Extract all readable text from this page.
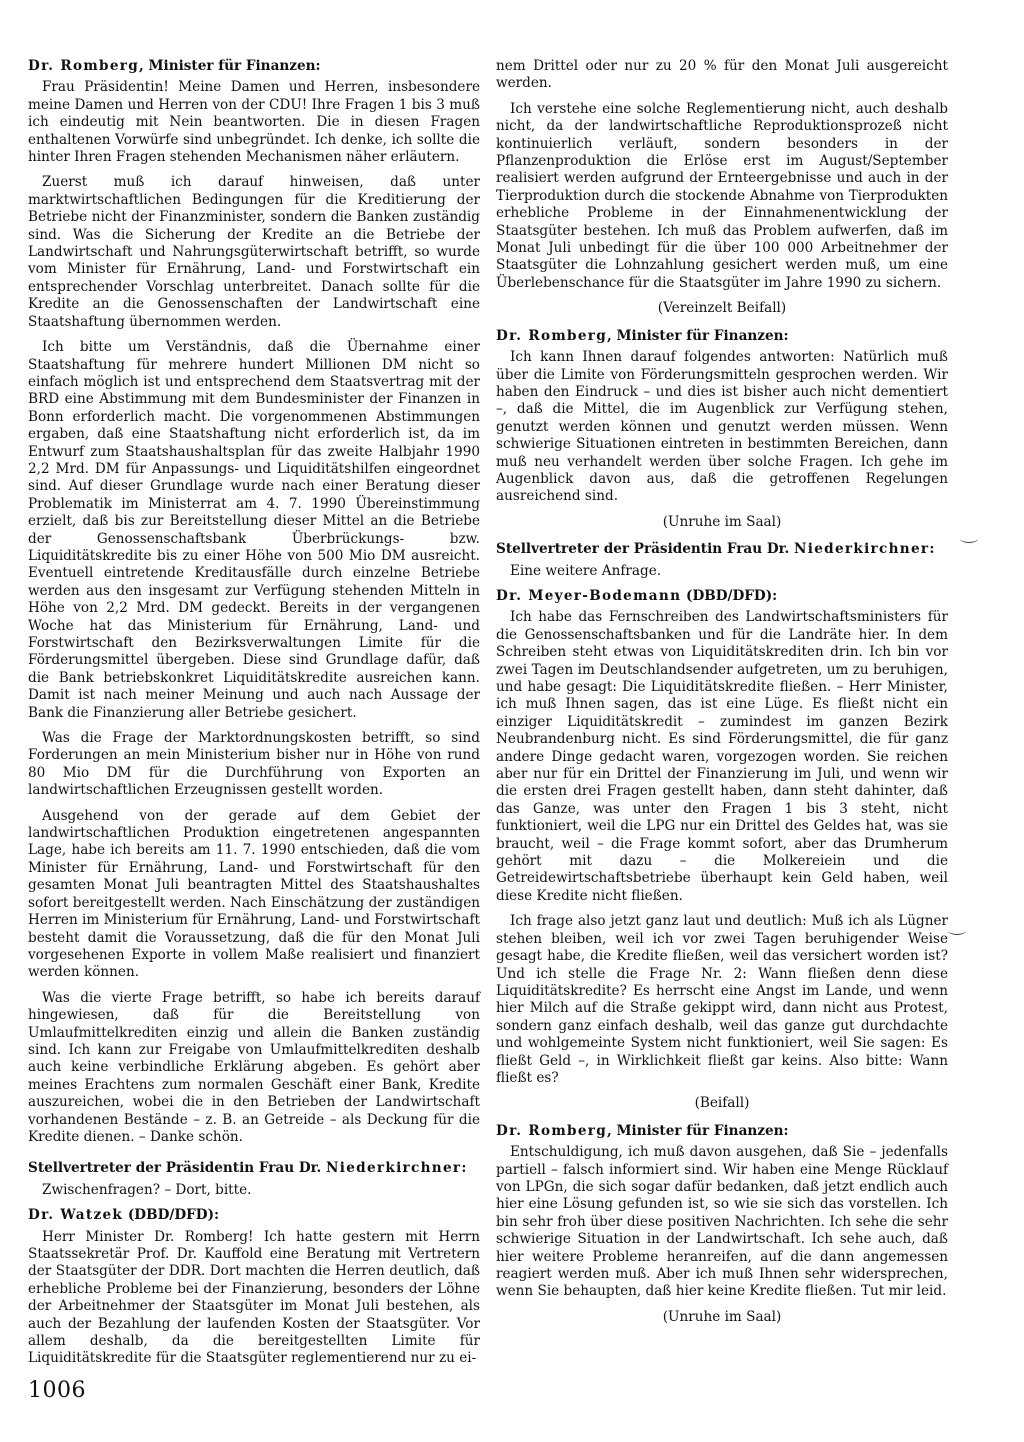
Dr. Romberg, Minister für Finanzen:

Frau Präsidentin! Meine Damen und Herren, insbesondere meine Damen und Herren von der CDU! Ihre Fragen 1 bis 3 muß ich eindeutig mit Nein beantworten. Die in diesen Fragen enthaltenen Vorwürfe sind unbegründet. Ich denke, ich sollte die hinter Ihren Fragen stehenden Mechanismen näher erläutern.

Zuerst muß ich darauf hinweisen, daß unter marktwirtschaftlichen Bedingungen für die Kreditierung der Betriebe nicht der Finanzminister, sondern die Banken zuständig sind. Was die Sicherung der Kredite an die Betriebe der Landwirtschaft und Nahrungsgüterwirtschaft betrifft, so wurde vom Minister für Ernährung, Land- und Forstwirtschaft ein entsprechender Vorschlag unterbreitet. Danach sollte für die Kredite an die Genossenschaften der Landwirtschaft eine Staatshaftung übernommen werden.

Ich bitte um Verständnis, daß die Übernahme einer Staatshaftung für mehrere hundert Millionen DM nicht so einfach möglich ist und entsprechend dem Staatsvertrag mit der BRD eine Abstimmung mit dem Bundesminister der Finanzen in Bonn erforderlich macht. Die vorgenommenen Abstimmungen ergaben, daß eine Staatshaftung nicht erforderlich ist, da im Entwurf zum Staatshaushaltsplan für das zweite Halbjahr 1990 2,2 Mrd. DM für Anpassungs- und Liquiditätshilfen eingeordnet sind. Auf dieser Grundlage wurde nach einer Beratung dieser Problematik im Ministerrat am 4. 7. 1990 Übereinstimmung erzielt, daß bis zur Bereitstellung dieser Mittel an die Betriebe der Genossenschaftsbank Überbrückungs- bzw. Liquiditätskredite bis zu einer Höhe von 500 Mio DM ausreicht. Eventuell eintretende Kreditausfälle durch einzelne Betriebe werden aus den insgesamt zur Verfügung stehenden Mitteln in Höhe von 2,2 Mrd. DM gedeckt. Bereits in der vergangenen Woche hat das Ministerium für Ernährung, Land- und Forstwirtschaft den Bezirksverwaltungen Limite für die Förderungsmittel übergeben. Diese sind Grundlage dafür, daß die Bank betriebskonkret Liquiditätskredite ausreichen kann. Damit ist nach meiner Meinung und auch nach Aussage der Bank die Finanzierung aller Betriebe gesichert.

Was die Frage der Marktordnungskosten betrifft, so sind Forderungen an mein Ministerium bisher nur in Höhe von rund 80 Mio DM für die Durchführung von Exporten an landwirtschaftlichen Erzeugnissen gestellt worden.

Ausgehend von der gerade auf dem Gebiet der landwirtschaftlichen Produktion eingetretenen angespannten Lage, habe ich bereits am 11. 7. 1990 entschieden, daß die vom Minister für Ernährung, Land- und Forstwirtschaft für den gesamten Monat Juli beantragten Mittel des Staatshaushaltes sofort bereitgestellt werden. Nach Einschätzung der zuständigen Herren im Ministerium für Ernährung, Land- und Forstwirtschaft besteht damit die Voraussetzung, daß die für den Monat Juli vorgesehenen Exporte in vollem Maße realisiert und finanziert werden können.

Was die vierte Frage betrifft, so habe ich bereits darauf hingewiesen, daß für die Bereitstellung von Umlaufmittelkrediten einzig und allein die Banken zuständig sind. Ich kann zur Freigabe von Umlaufmittelkrediten deshalb auch keine verbindliche Erklärung abgeben. Es gehört aber meines Erachtens zum normalen Geschäft einer Bank, Kredite auszureichen, wobei die in den Betrieben der Landwirtschaft vorhandenen Bestände – z. B. an Getreide – als Deckung für die Kredite dienen. – Danke schön.

Stellvertreter der Präsidentin Frau Dr. Niederkirchner:

Zwischenfragen? – Dort, bitte.

Dr. Watzek (DBD/DFD):

Herr Minister Dr. Romberg! Ich hatte gestern mit Herrn Staatssekretär Prof. Dr. Kauffold eine Beratung mit Vertretern der Staatsgüter der DDR. Dort machten die Herren deutlich, daß erhebliche Probleme bei der Finanzierung, besonders der Löhne der Arbeitnehmer der Staatsgüter im Monat Juli bestehen, als auch der Bezahlung der laufenden Kosten der Staatsgüter. Vor allem deshalb, da die bereitgestellten Limite für Liquiditätskredite für die Staatsgüter reglementierend nur zu ei-

nem Drittel oder nur zu 20 % für den Monat Juli ausgereicht werden.

Ich verstehe eine solche Reglementierung nicht, auch deshalb nicht, da der landwirtschaftliche Reproduktionsprozeß nicht kontinuierlich verläuft, sondern besonders in der Pflanzenproduktion die Erlöse erst im August/September realisiert werden aufgrund der Ernteergebnisse und auch in der Tierproduktion durch die stockende Abnahme von Tierprodukten erhebliche Probleme in der Einnahmenentwicklung der Staatsgüter bestehen. Ich muß das Problem aufwerfen, daß im Monat Juli unbedingt für die über 100 000 Arbeitnehmer der Staatsgüter die Lohnzahlung gesichert werden muß, um eine Überlebenschance für die Staatsgüter im Jahre 1990 zu sichern.

(Vereinzelt Beifall)

Dr. Romberg, Minister für Finanzen:

Ich kann Ihnen darauf folgendes antworten: Natürlich muß über die Limite von Förderungsmitteln gesprochen werden. Wir haben den Eindruck – und dies ist bisher auch nicht dementiert –, daß die Mittel, die im Augenblick zur Verfügung stehen, genutzt werden können und genutzt werden müssen. Wenn schwierige Situationen eintreten in bestimmten Bereichen, dann muß neu verhandelt werden über solche Fragen. Ich gehe im Augenblick davon aus, daß die getroffenen Regelungen ausreichend sind.

(Unruhe im Saal)

Stellvertreter der Präsidentin Frau Dr. Niederkirchner:

Eine weitere Anfrage.

Dr. Meyer-Bodemann (DBD/DFD):

Ich habe das Fernschreiben des Landwirtschaftsministers für die Genossenschaftsbanken und für die Landräte hier. In dem Schreiben steht etwas von Liquiditätskrediten drin. Ich bin vor zwei Tagen im Deutschlandsender aufgetreten, um zu beruhigen, und habe gesagt: Die Liquiditätskredite fließen. – Herr Minister, ich muß Ihnen sagen, das ist eine Lüge. Es fließt nicht ein einziger Liquiditätskredit – zumindest im ganzen Bezirk Neubrandenburg nicht. Es sind Förderungsmittel, die für ganz andere Dinge gedacht waren, vorgezogen worden. Sie reichen aber nur für ein Drittel der Finanzierung im Juli, und wenn wir die ersten drei Fragen gestellt haben, dann steht dahinter, daß das Ganze, was unter den Fragen 1 bis 3 steht, nicht funktioniert, weil die LPG nur ein Drittel des Geldes hat, was sie braucht, weil – die Frage kommt sofort, aber das Drumherum gehört mit dazu – die Molkereiein und die Getreidewirtschaftsbetriebe überhaupt kein Geld haben, weil diese Kredite nicht fließen.

Ich frage also jetzt ganz laut und deutlich: Muß ich als Lügner stehen bleiben, weil ich vor zwei Tagen beruhigender Weise gesagt habe, die Kredite fließen, weil das versichert worden ist? Und ich stelle die Frage Nr. 2: Wann fließen denn diese Liquiditätskredite? Es herrscht eine Angst im Lande, und wenn hier Milch auf die Straße gekippt wird, dann nicht aus Protest, sondern ganz einfach deshalb, weil das ganze gut durchdachte und wohlgemeinte System nicht funktioniert, weil Sie sagen: Es fließt Geld –, in Wirklichkeit fließt gar keins. Also bitte: Wann fließt es?

(Beifall)

Dr. Romberg, Minister für Finanzen:

Entschuldigung, ich muß davon ausgehen, daß Sie – jedenfalls partiell – falsch informiert sind. Wir haben eine Menge Rücklauf von LPGn, die sich sogar dafür bedanken, daß jetzt endlich auch hier eine Lösung gefunden ist, so wie sie sich das vorstellen. Ich bin sehr froh über diese positiven Nachrichten. Ich sehe die sehr schwierige Situation in der Landwirtschaft. Ich sehe auch, daß hier weitere Probleme heranreifen, auf die dann angemessen reagiert werden muß. Aber ich muß Ihnen sehr widersprechen, wenn Sie behaupten, daß hier keine Kredite fließen. Tut mir leid.

(Unruhe im Saal)

1006
